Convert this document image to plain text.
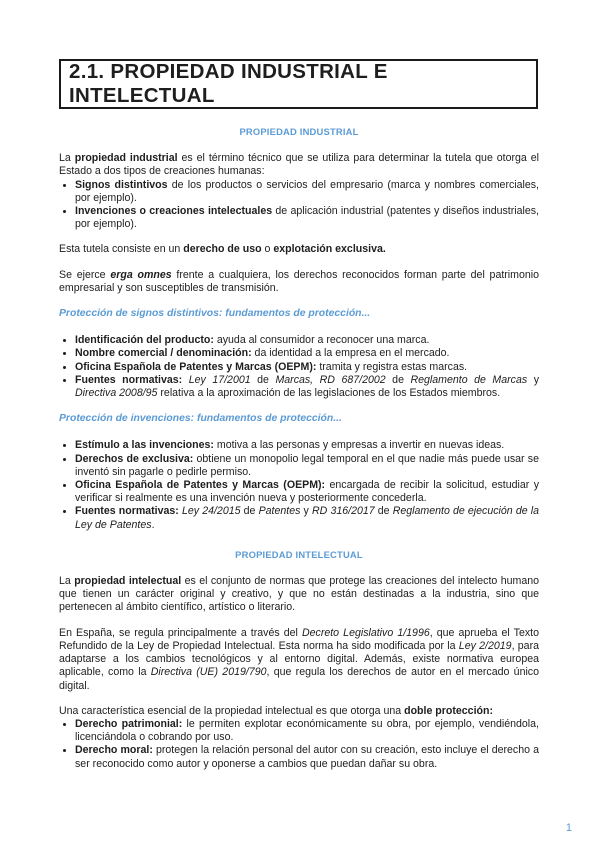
2.1. PROPIEDAD INDUSTRIAL E INTELECTUAL
PROPIEDAD INDUSTRIAL

La propiedad industrial es el término técnico que se utiliza para determinar la tutela que otorga el Estado a dos tipos de creaciones humanas:

• Signos distintivos de los productos o servicios del empresario (marca y nombres comerciales, por ejemplo).
• Invenciones o creaciones intelectuales de aplicación industrial (patentes y diseños industriales, por ejemplo).

Esta tutela consiste en un derecho de uso o explotación exclusiva.

Se ejerce erga omnes frente a cualquiera, los derechos reconocidos forman parte del patrimonio empresarial y son susceptibles de transmisión.

Protección de signos distintivos: fundamentos de protección...
• Identificación del producto: ayuda al consumidor a reconocer una marca.
• Nombre comercial / denominación: da identidad a la empresa en el mercado.
• Oficina Española de Patentes y Marcas (OEPM): tramita y registra estas marcas.
• Fuentes normativas: Ley 17/2001 de Marcas, RD 687/2002 de Reglamento de Marcas y Directiva 2008/95 relativa a la aproximación de las legislaciones de los Estados miembros.
Protección de invenciones: fundamentos de protección...
• Estímulo a las invenciones: motiva a las personas y empresas a invertir en nuevas ideas.
• Derechos de exclusiva: obtiene un monopolio legal temporal en el que nadie más puede usar se inventó sin pagarle o pedirle permiso.
• Oficina Española de Patentes y Marcas (OEPM): encargada de recibir la solicitud, estudiar y verificar si realmente es una invención nueva y posteriormente concederla.
• Fuentes normativas: Ley 24/2015 de Patentes y RD 316/2017 de Reglamento de ejecución de la Ley de Patentes.
PROPIEDAD INTELECTUAL

La propiedad intelectual es el conjunto de normas que protege las creaciones del intelecto humano que tienen un carácter original y creativo, y que no están destinadas a la industria, sino que pertenecen al ámbito científico, artístico o literario.

En España, se regula principalmente a través del Decreto Legislativo 1/1996, que aprueba el Texto Refundido de la Ley de Propiedad Intelectual. Esta norma ha sido modificada por la Ley 2/2019, para adaptarse a los cambios tecnológicos y al entorno digital. Además, existe normativa europea aplicable, como la Directiva (UE) 2019/790, que regula los derechos de autor en el mercado único digital.

Una característica esencial de la propiedad intelectual es que otorga una doble protección:

• Derecho patrimonial: le permiten explotar económicamente su obra, por ejemplo, vendiéndola, licenciándola o cobrando por uso.
• Derecho moral: protegen la relación personal del autor con su creación, esto incluye el derecho a ser reconocido como autor y oponerse a cambios que puedan dañar su obra.
1
